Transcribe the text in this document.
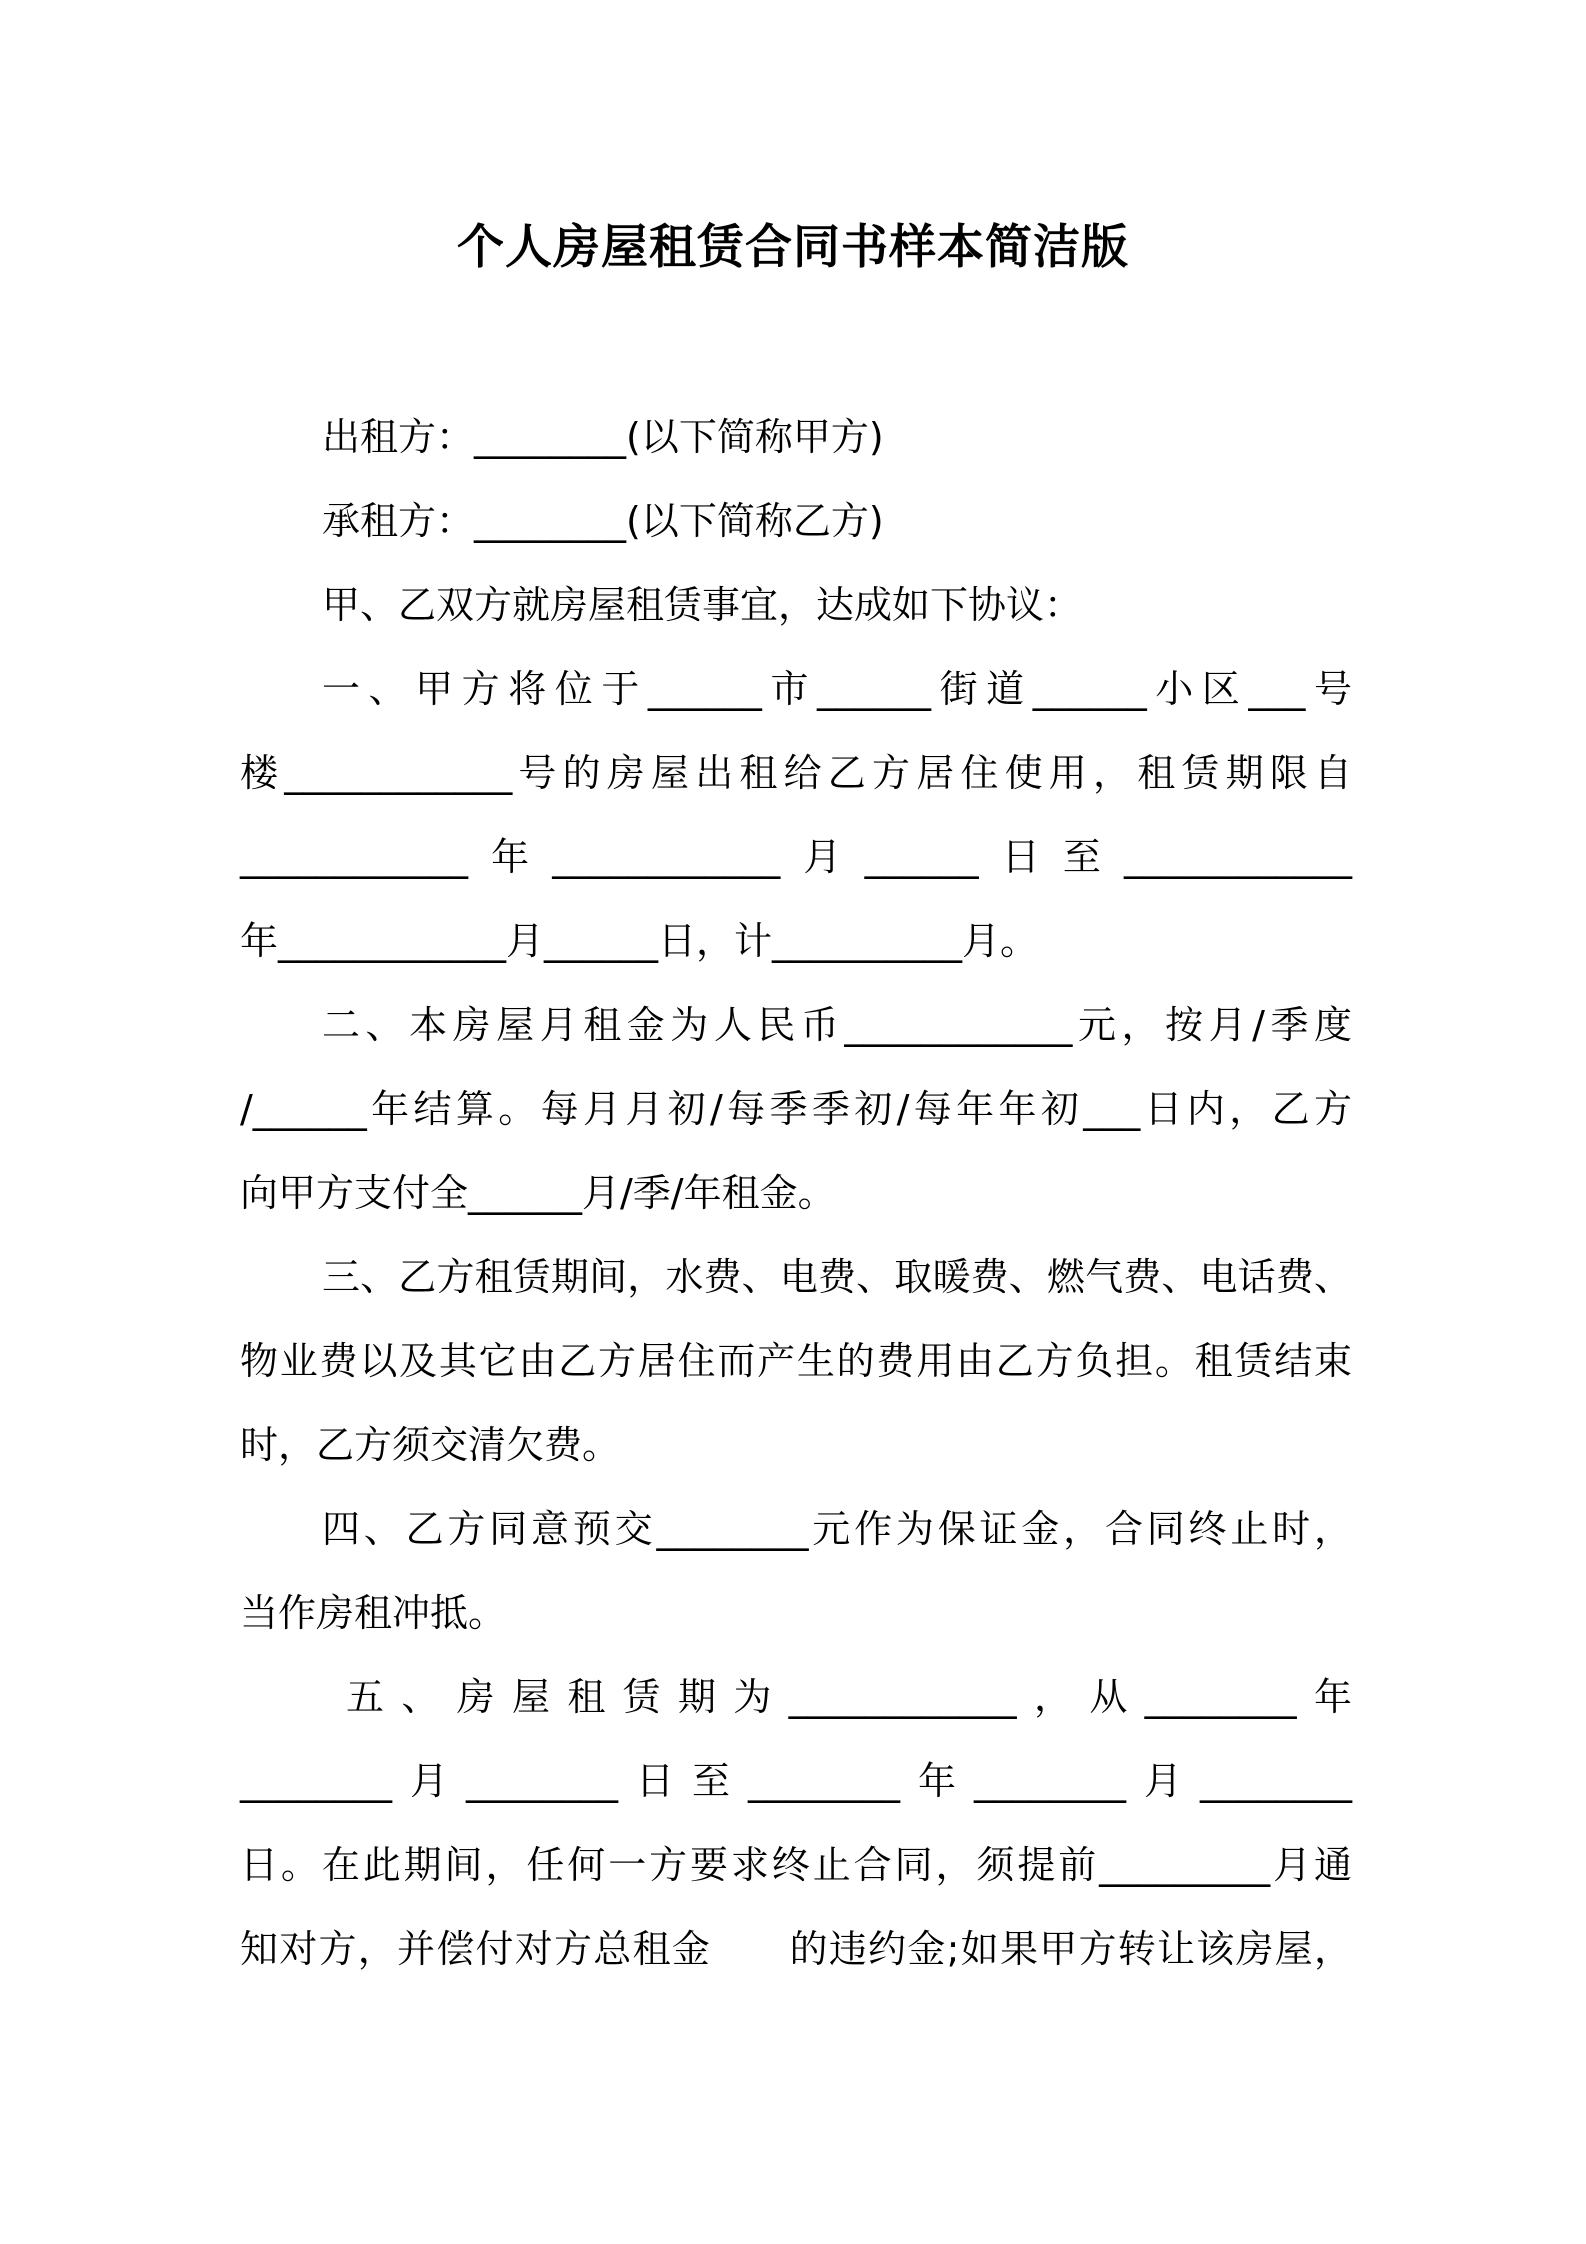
个人房屋租赁合同书样本简洁版
出租方：________(以下简称甲方)
承租方：________(以下简称乙方)
甲、乙双方就房屋租赁事宜，达成如下协议：
一、甲方将位于______市______街道______小区___号
楼____________号的房屋出租给乙方居住使用，租赁期限自
____________年____________月______日至____________
年____________月______日，计__________月。
二、本房屋月租金为人民币____________元，按月/季度
/______年结算。每月月初/每季季初/每年年初___日内，乙方
向甲方支付全______月/季/年租金。
三、乙方租赁期间，水费、电费、取暖费、燃气费、电话费、
物业费以及其它由乙方居住而产生的费用由乙方负担。租赁结束
时，乙方须交清欠费。
四、乙方同意预交________元作为保证金，合同终止时，
当作房租冲抵。
五、房屋租赁期为____________，从________年
________月________日至________年________月________
日。在此期间，任何一方要求终止合同，须提前_________月通
知对方，并偿付对方总租金　　的违约金;如果甲方转让该房屋，
